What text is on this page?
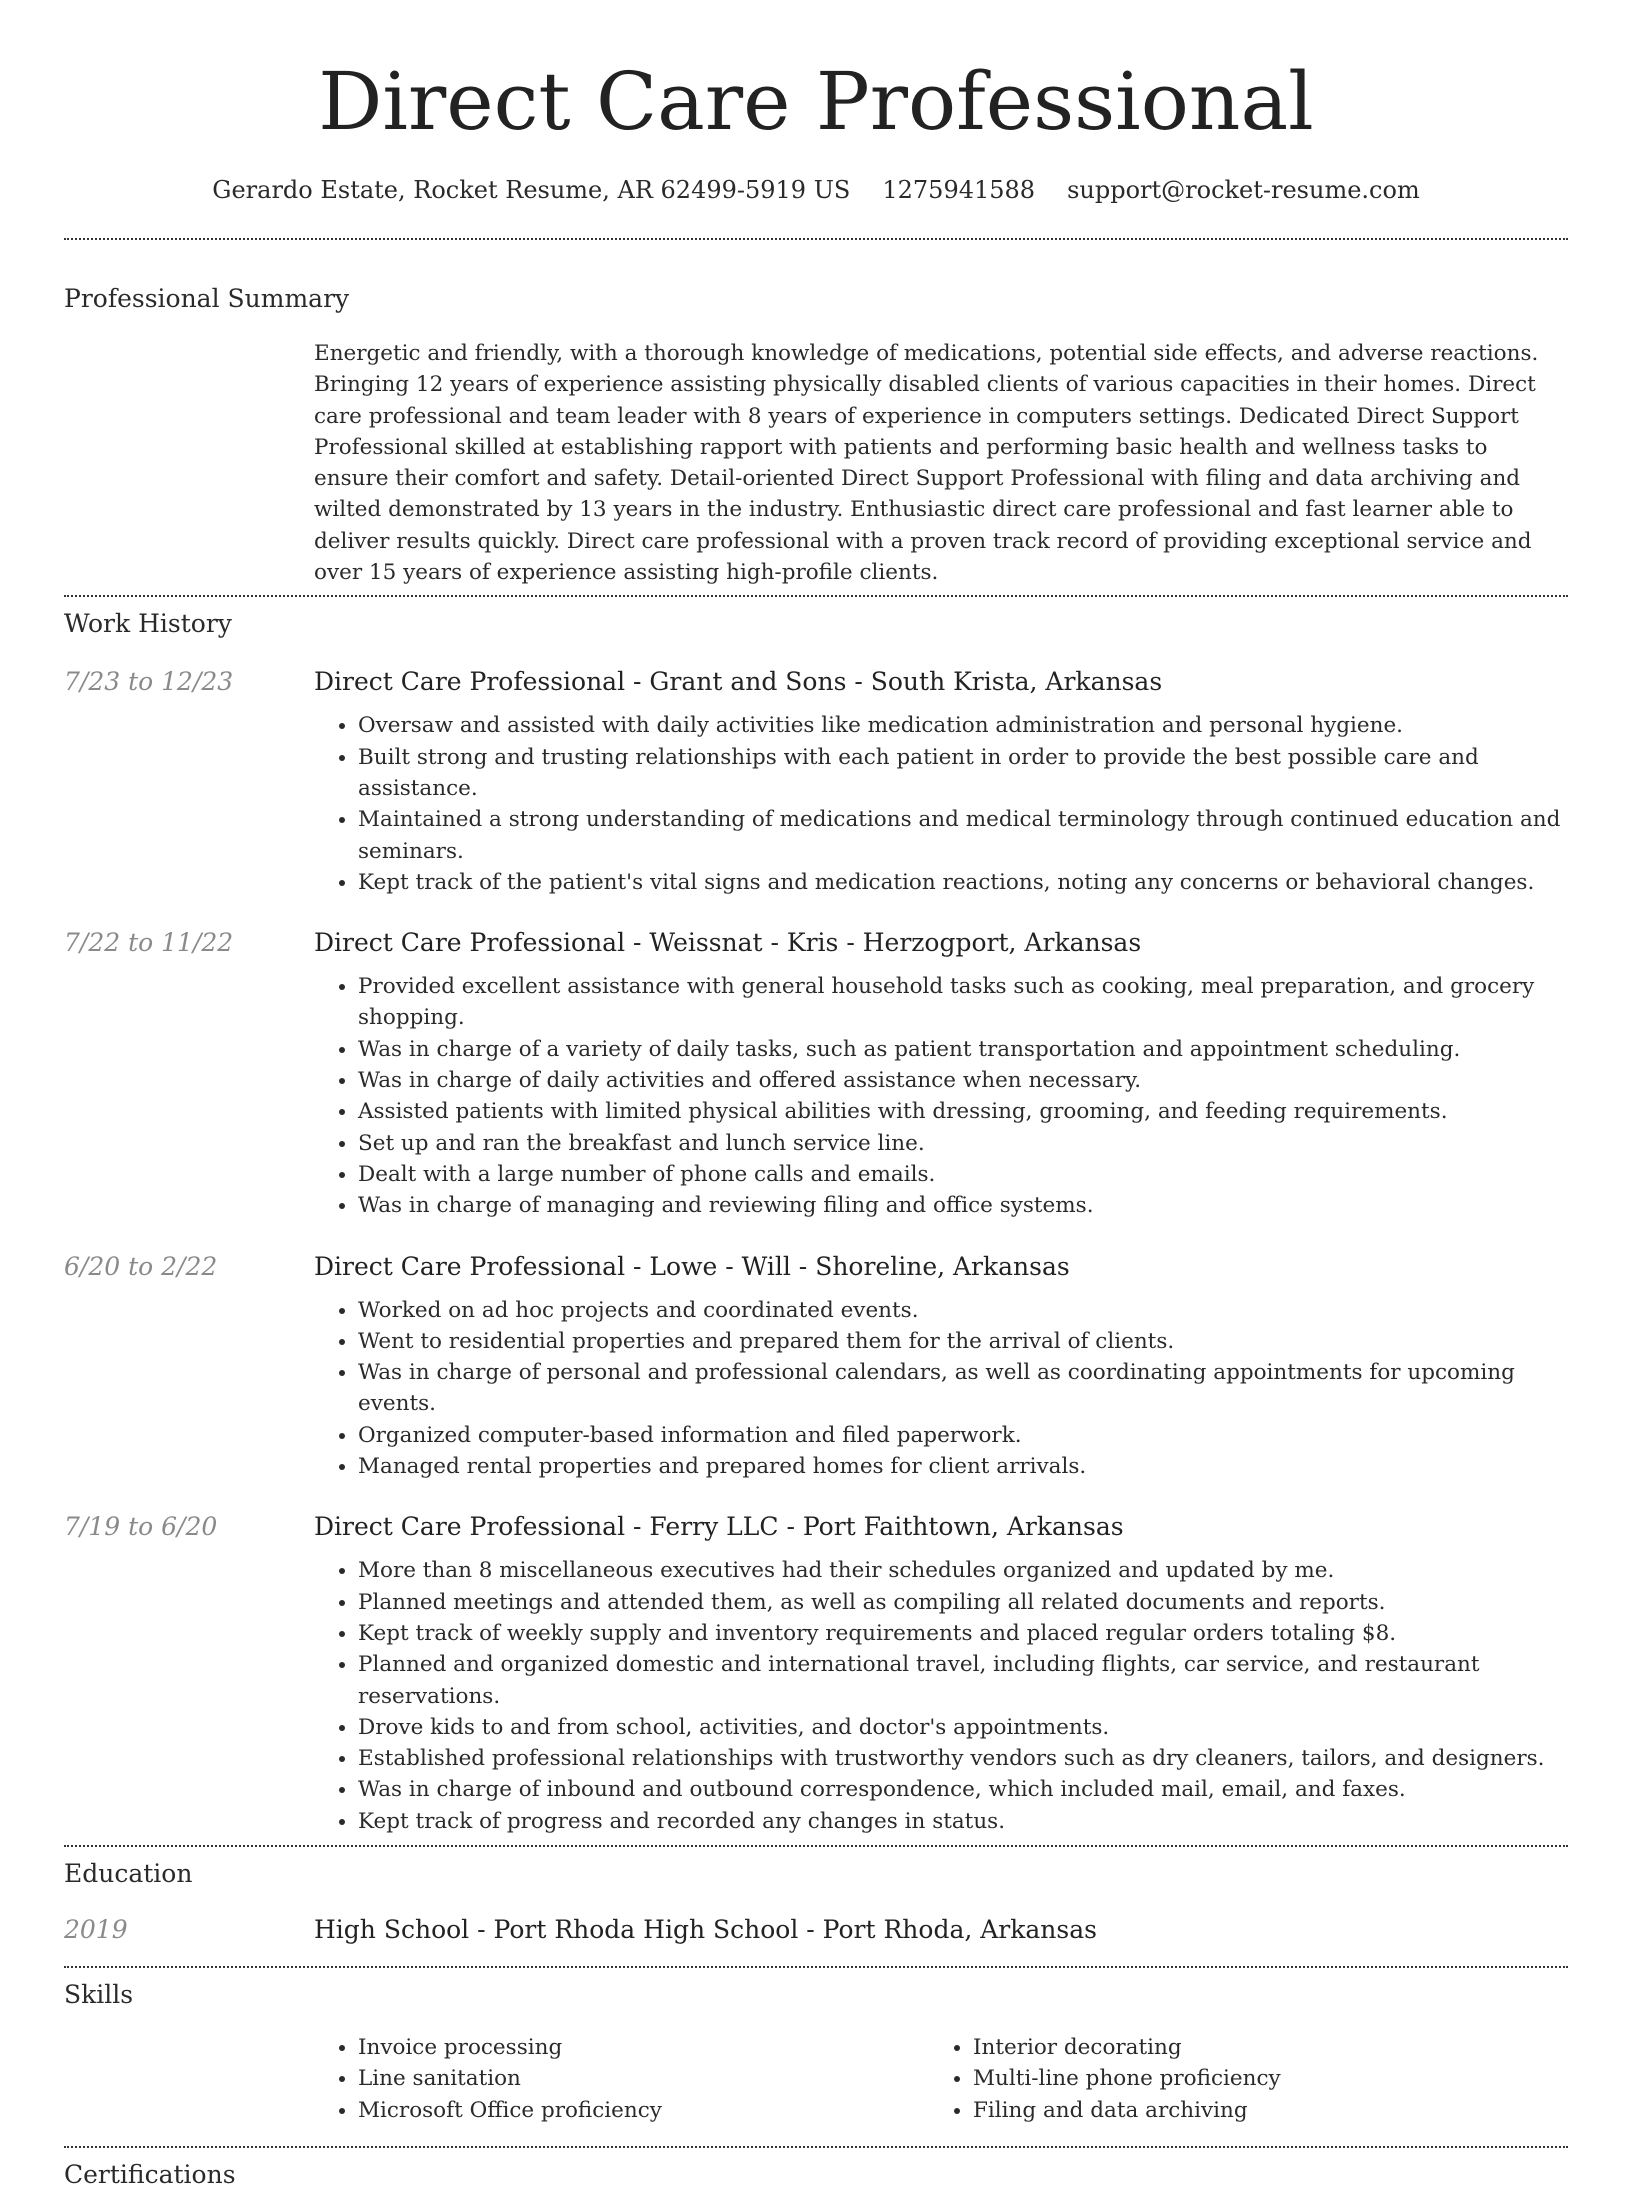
Direct Care Professional
Gerardo Estate, Rocket Resume, AR 62499-5919 US 1275941588 support@rocket-resume.com
Professional Summary
Energetic and friendly, with a thorough knowledge of medications, potential side effects, and adverse reactions. Bringing 12 years of experience assisting physically disabled clients of various capacities in their homes. Direct care professional and team leader with 8 years of experience in computers settings. Dedicated Direct Support Professional skilled at establishing rapport with patients and performing basic health and wellness tasks to ensure their comfort and safety. Detail-oriented Direct Support Professional with filing and data archiving and wilted demonstrated by 13 years in the industry. Enthusiastic direct care professional and fast learner able to deliver results quickly. Direct care professional with a proven track record of providing exceptional service and over 15 years of experience assisting high-profile clients.
Work History
7/23 to 12/23	Direct Care Professional - Grant and Sons - South Krista, Arkansas
• Oversaw and assisted with daily activities like medication administration and personal hygiene.
• Built strong and trusting relationships with each patient in order to provide the best possible care and assistance.
• Maintained a strong understanding of medications and medical terminology through continued education and seminars.
• Kept track of the patient's vital signs and medication reactions, noting any concerns or behavioral changes.
7/22 to 11/22	Direct Care Professional - Weissnat - Kris - Herzogport, Arkansas
• Provided excellent assistance with general household tasks such as cooking, meal preparation, and grocery shopping.
• Was in charge of a variety of daily tasks, such as patient transportation and appointment scheduling.
• Was in charge of daily activities and offered assistance when necessary.
• Assisted patients with limited physical abilities with dressing, grooming, and feeding requirements.
• Set up and ran the breakfast and lunch service line.
• Dealt with a large number of phone calls and emails.
• Was in charge of managing and reviewing filing and office systems.
6/20 to 2/22	Direct Care Professional - Lowe - Will - Shoreline, Arkansas
• Worked on ad hoc projects and coordinated events.
• Went to residential properties and prepared them for the arrival of clients.
• Was in charge of personal and professional calendars, as well as coordinating appointments for upcoming events.
• Organized computer-based information and filed paperwork.
• Managed rental properties and prepared homes for client arrivals.
7/19 to 6/20	Direct Care Professional - Ferry LLC - Port Faithtown, Arkansas
• More than 8 miscellaneous executives had their schedules organized and updated by me.
• Planned meetings and attended them, as well as compiling all related documents and reports.
• Kept track of weekly supply and inventory requirements and placed regular orders totaling $8.
• Planned and organized domestic and international travel, including flights, car service, and restaurant reservations.
• Drove kids to and from school, activities, and doctor's appointments.
• Established professional relationships with trustworthy vendors such as dry cleaners, tailors, and designers.
• Was in charge of inbound and outbound correspondence, which included mail, email, and faxes.
• Kept track of progress and recorded any changes in status.
Education
2019	High School - Port Rhoda High School - Port Rhoda, Arkansas
Skills
• Invoice processing
• Line sanitation
• Microsoft Office proficiency
• Interior decorating
• Multi-line phone proficiency
• Filing and data archiving
Certifications
